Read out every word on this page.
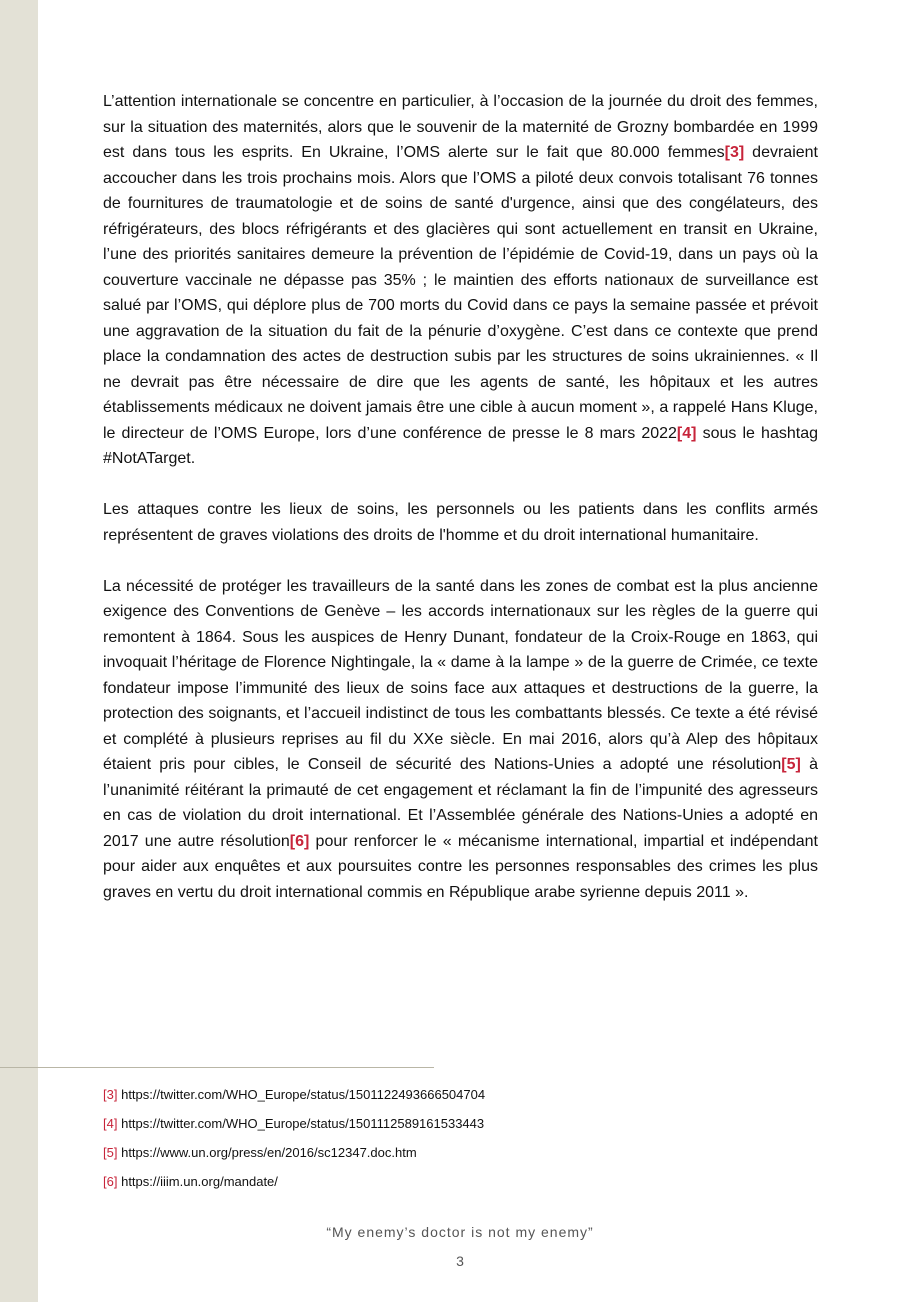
L’attention internationale se concentre en particulier, à l’occasion de la journée du droit des femmes, sur la situation des maternités, alors que le souvenir de la maternité de Grozny bombardée en 1999 est dans tous les esprits. En Ukraine, l’OMS alerte sur le fait que 80.000 femmes[3] devraient accoucher dans les trois prochains mois. Alors que l’OMS a piloté deux convois totalisant 76 tonnes de fournitures de traumatologie et de soins de santé d'urgence, ainsi que des congélateurs, des réfrigérateurs, des blocs réfrigérants et des glacières qui sont actuellement en transit en Ukraine, l’une des priorités sanitaires demeure la prévention de l’épidémie de Covid-19, dans un pays où la couverture vaccinale ne dépasse pas 35% ; le maintien des efforts nationaux de surveillance est salué par l’OMS, qui déplore plus de 700 morts du Covid dans ce pays la semaine passée et prévoit une aggravation de la situation du fait de la pénurie d’oxygène. C’est dans ce contexte que prend place la condamnation des actes de destruction subis par les structures de soins ukrainiennes. « Il ne devrait pas être nécessaire de dire que les agents de santé, les hôpitaux et les autres établissements médicaux ne doivent jamais être une cible à aucun moment », a rappelé Hans Kluge, le directeur de l’OMS Europe, lors d’une conférence de presse le 8 mars 2022[4] sous le hashtag #NotATarget.

Les attaques contre les lieux de soins, les personnels ou les patients dans les conflits armés représentent de graves violations des droits de l'homme et du droit international humanitaire.

La nécessité de protéger les travailleurs de la santé dans les zones de combat est la plus ancienne exigence des Conventions de Genève – les accords internationaux sur les règles de la guerre qui remontent à 1864. Sous les auspices de Henry Dunant, fondateur de la Croix-Rouge en 1863, qui invoquait l’héritage de Florence Nightingale, la « dame à la lampe » de la guerre de Crimée, ce texte fondateur impose l’immunité des lieux de soins face aux attaques et destructions de la guerre, la protection des soignants, et l’accueil indistinct de tous les combattants blessés. Ce texte a été révisé et complété à plusieurs reprises au fil du XXe siècle. En mai 2016, alors qu’à Alep des hôpitaux étaient pris pour cibles, le Conseil de sécurité des Nations-Unies a adopté une résolution[5] à l’unanimité réitérant la primauté de cet engagement et réclamant la fin de l’impunité des agresseurs en cas de violation du droit international. Et l’Assemblée générale des Nations-Unies a adopté en 2017 une autre résolution[6] pour renforcer le « mécanisme international, impartial et indépendant pour aider aux enquêtes et aux poursuites contre les personnes responsables des crimes les plus graves en vertu du droit international commis en République arabe syrienne depuis 2011 ».

[3] https://twitter.com/WHO_Europe/status/1501122493666504704
[4] https://twitter.com/WHO_Europe/status/1501112589161533443
[5] https://www.un.org/press/en/2016/sc12347.doc.htm
[6] https://iiim.un.org/mandate/
“My enemy’s doctor is not my enemy”
3
